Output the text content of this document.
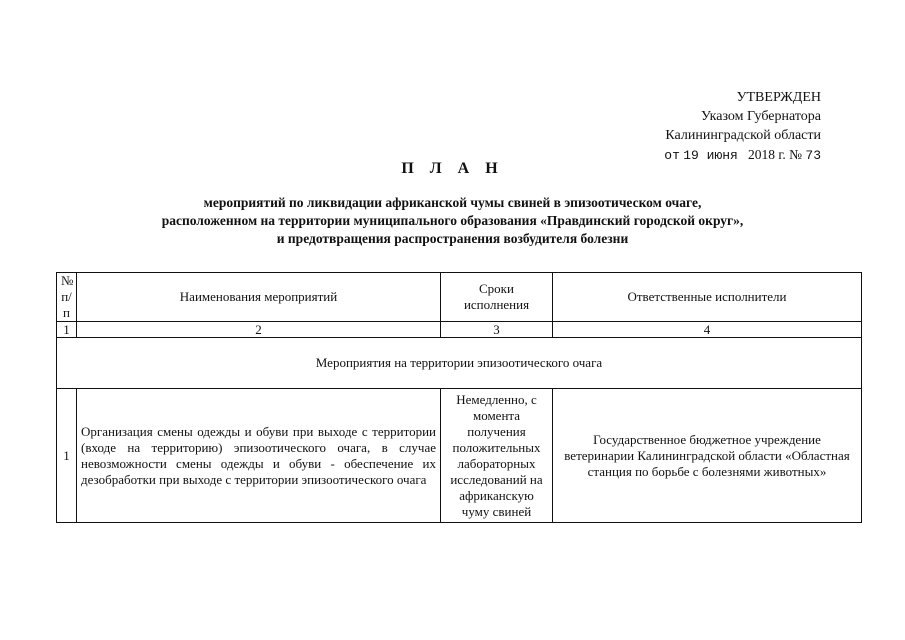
УТВЕРЖДЕН
Указом Губернатора
Калининградской области
от 19 июня 2018 г. № 73
П Л А Н
мероприятий по ликвидации африканской чумы свиней в эпизоотическом очаге,
расположенном на территории муниципального образования «Правдинский городской округ»,
и предотвращения распространения возбудителя болезни
№ п/п	Наименования мероприятий	Сроки исполнения	Ответственные исполнители
1	2	3	4
Мероприятия на территории эпизоотического очага			
1	Организация смены одежды и обуви при выходе с территории (входе на территорию) эпизоотического очага, в случае невозможности смены одежды и обуви - обеспечение их дезобработки при выходе с территории эпизоотического очага	Немедленно, с момента получения положительных лабораторных исследований на африканскую чуму свиней	Государственное бюджетное учреждение ветеринарии Калининградской области «Областная станция по борьбе с болезнями животных»
